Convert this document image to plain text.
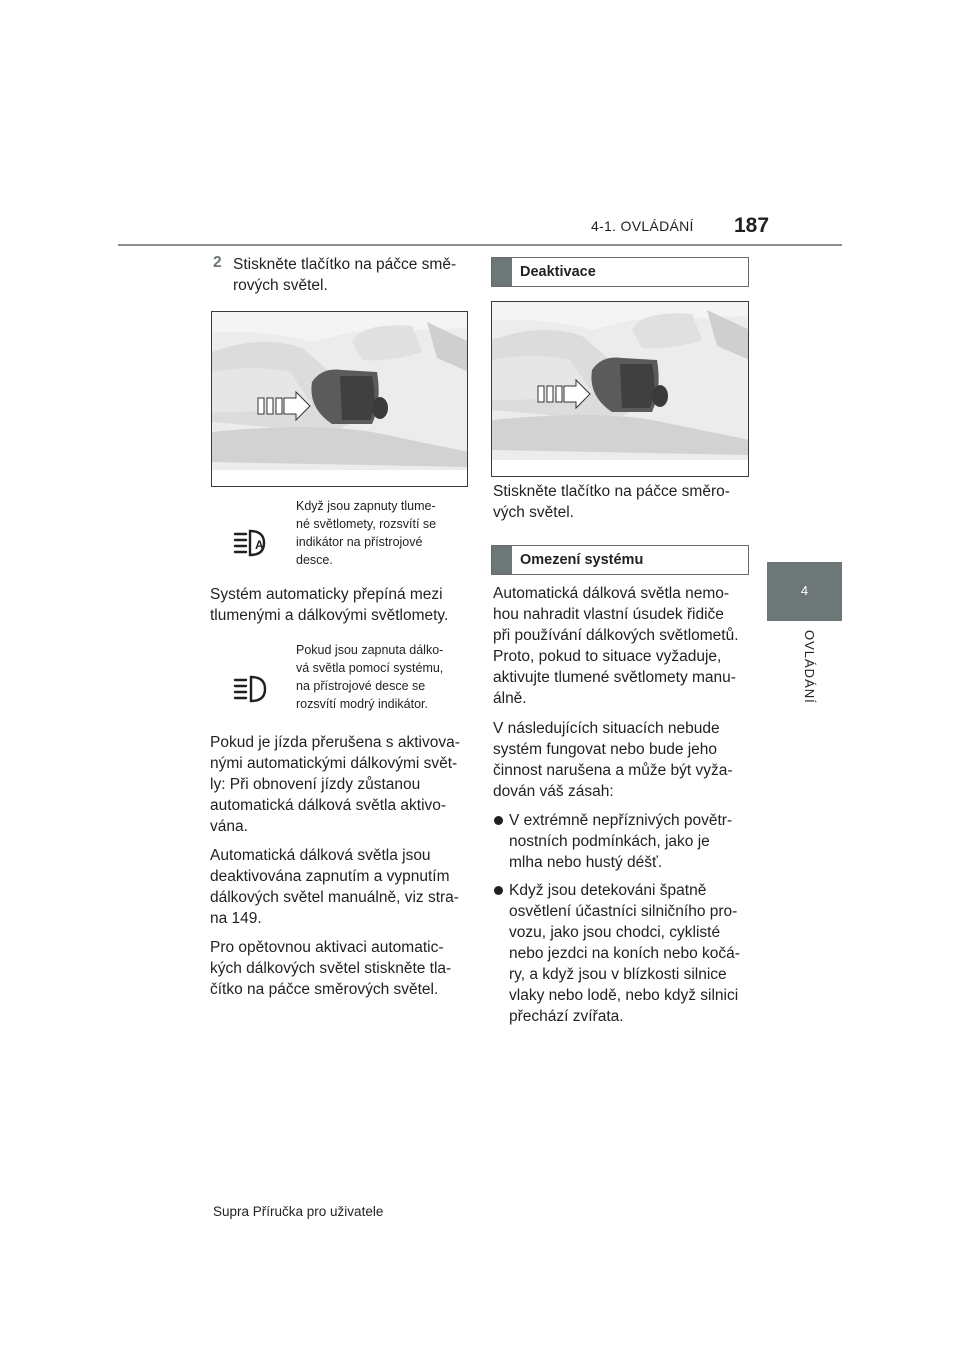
4-1. OVLÁDÁNÍ 187
4
OVLÁDÁNÍ
2 Stiskněte tlačítko na páčce smě-
rových světel.
A
Když jsou zapnuty tlume-
né světlomety, rozsvítí se
indikátor na přístrojové
desce.
Systém automaticky přepíná mezi
tlumenými a dálkovými světlomety.
Pokud jsou zapnuta dálko-
vá světla pomocí systému,
na přístrojové desce se
rozsvítí modrý indikátor.
Pokud je jízda přerušena s aktivova-
nými automatickými dálkovými svět-
ly: Při obnovení jízdy zůstanou
automatická dálková světla aktivo-
vána.
Automatická dálková světla jsou
deaktivována zapnutím a vypnutím
dálkových světel manuálně, viz stra-
na 149.
Pro opětovnou aktivaci automatic-
kých dálkových světel stiskněte tla-
čítko na páčce směrových světel.
Deaktivace
Stiskněte tlačítko na páčce směro-
vých světel.
Omezení systému
Automatická dálková světla nemo-
hou nahradit vlastní úsudek řidiče
při používání dálkových světlometů.
Proto, pokud to situace vyžaduje,
aktivujte tlumené světlomety manu-
álně.
V následujících situacích nebude
systém fungovat nebo bude jeho
činnost narušena a může být vyža-
dován váš zásah:
V extrémně nepříznivých povětr-
nostních podmínkách, jako je
mlha nebo hustý déšť.
Když jsou detekováni špatně
osvětlení účastníci silničního pro-
vozu, jako jsou chodci, cyklisté
nebo jezdci na koních nebo kočá-
ry, a když jsou v blízkosti silnice
vlaky nebo lodě, nebo když silnici
přechází zvířata.
Supra Příručka pro uživatele
